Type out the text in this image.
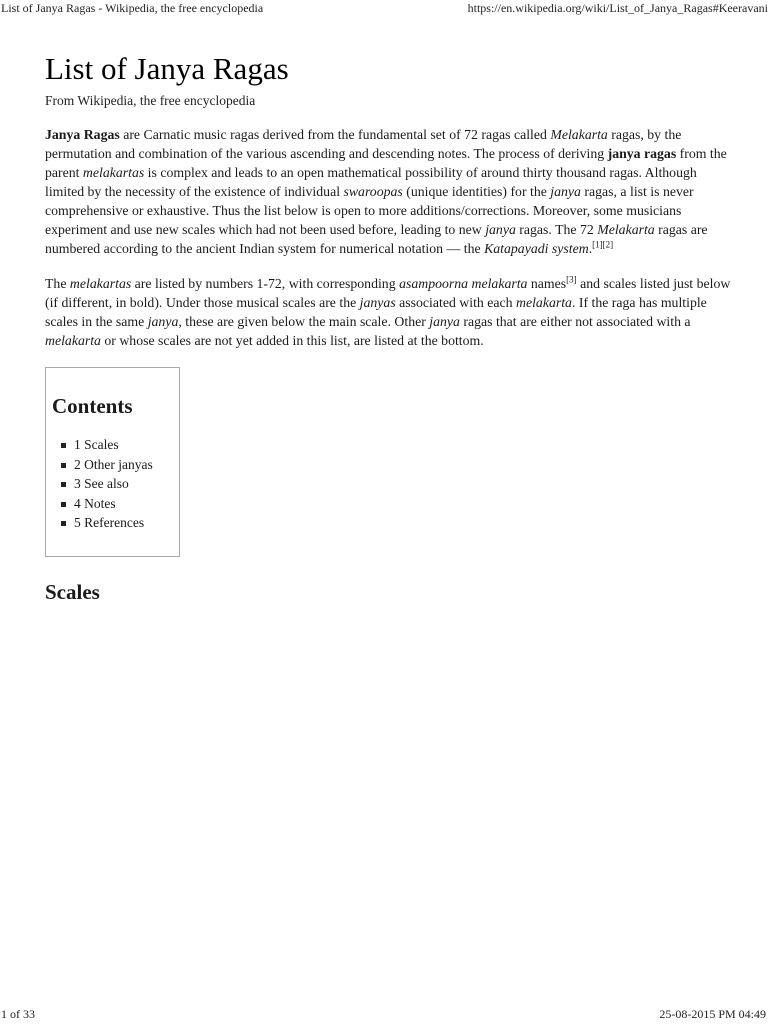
List of Janya Ragas - Wikipedia, the free encyclopedia	https://en.wikipedia.org/wiki/List_of_Janya_Ragas#Keeravani
List of Janya Ragas
From Wikipedia, the free encyclopedia

Janya Ragas are Carnatic music ragas derived from the fundamental set of 72 ragas called Melakarta ragas, by the permutation and combination of the various ascending and descending notes. The process of deriving janya ragas from the parent melakartas is complex and leads to an open mathematical possibility of around thirty thousand ragas. Although limited by the necessity of the existence of individual swaroopas (unique identities) for the janya ragas, a list is never comprehensive or exhaustive. Thus the list below is open to more additions/corrections. Moreover, some musicians experiment and use new scales which had not been used before, leading to new janya ragas. The 72 Melakarta ragas are numbered according to the ancient Indian system for numerical notation — the Katapayadi system.[1][2]

The melakartas are listed by numbers 1-72, with corresponding asampoorna melakarta names[3] and scales listed just below (if different, in bold). Under those musical scales are the janyas associated with each melakarta. If the raga has multiple scales in the same janya, these are given below the main scale. Other janya ragas that are either not associated with a melakarta or whose scales are not yet added in this list, are listed at the bottom.

Contents
1 Scales
2 Other janyas
3 See also
4 Notes
5 References
Scales
1 of 33	25-08-2015 PM 04:49
